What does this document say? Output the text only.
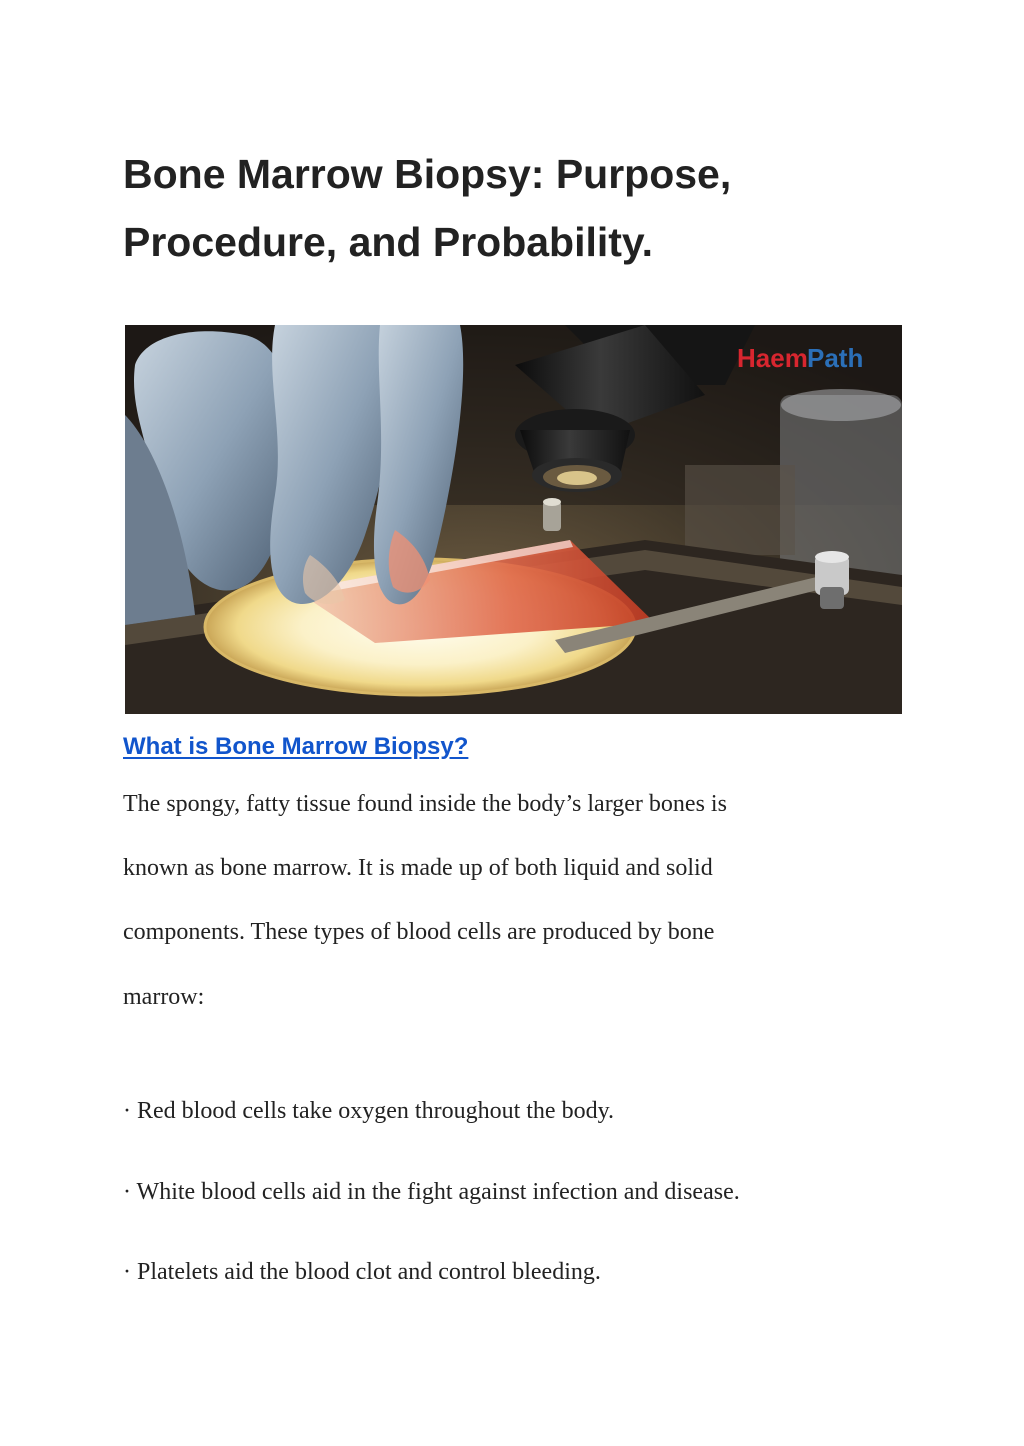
Bone Marrow Biopsy: Purpose,
Procedure, and Probability.
Haem Path
What is Bone Marrow Biopsy?
The spongy, fatty tissue found inside the body’s larger bones is
known as bone marrow. It is made up of both liquid and solid
components. These types of blood cells are produced by bone
marrow:
· Red blood cells take oxygen throughout the body.
· White blood cells aid in the fight against infection and disease.
· Platelets aid the blood clot and control bleeding.
